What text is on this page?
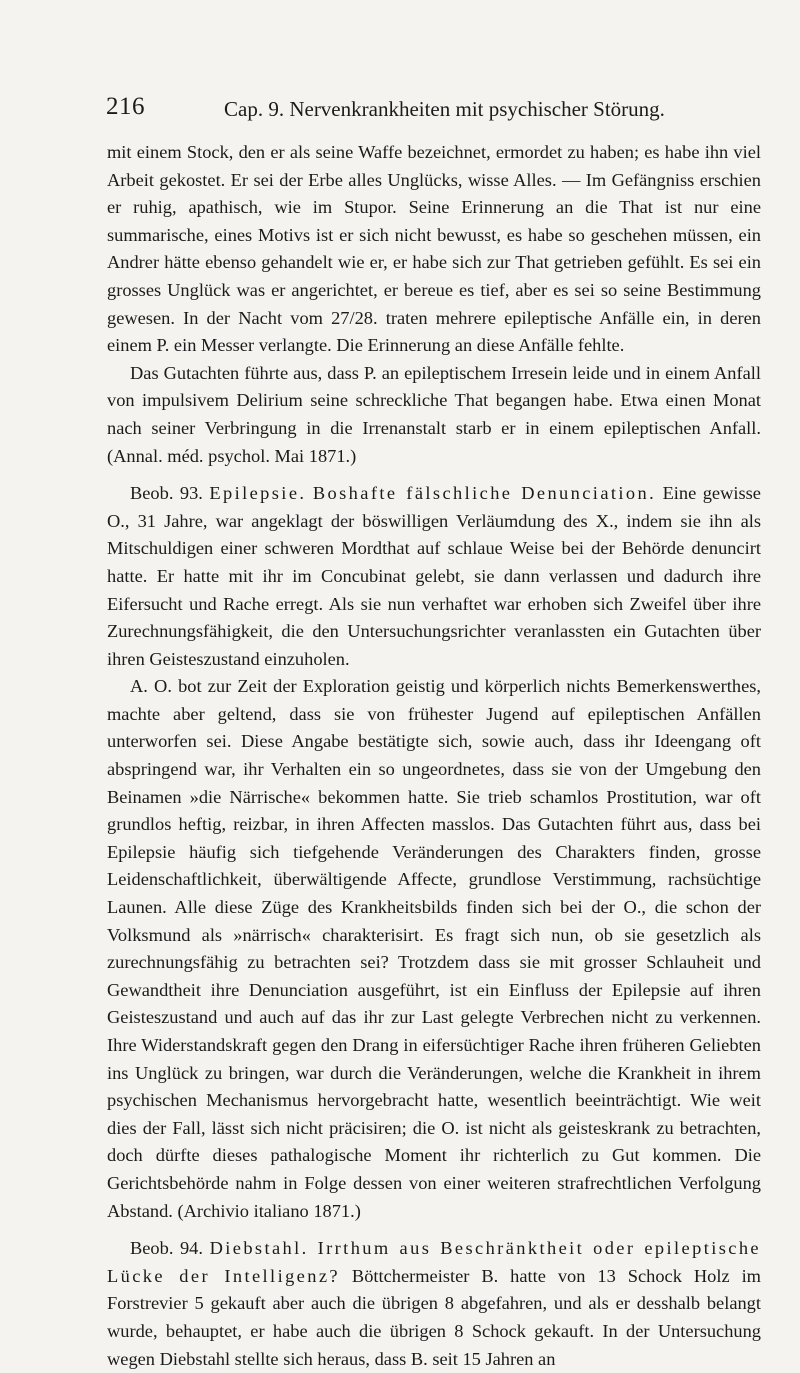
216	Cap. 9. Nervenkrankheiten mit psychischer Störung.

mit einem Stock, den er als seine Waffe bezeichnet, ermordet zu haben; es habe ihn viel Arbeit gekostet. Er sei der Erbe alles Unglücks, wisse Alles. — Im Gefängniss erschien er ruhig, apathisch, wie im Stupor. Seine Erinnerung an die That ist nur eine summarische, eines Motivs ist er sich nicht bewusst, es habe so geschehen müssen, ein Andrer hätte ebenso gehandelt wie er, er habe sich zur That getrieben gefühlt. Es sei ein grosses Unglück was er angerichtet, er bereue es tief, aber es sei so seine Bestimmung gewesen. In der Nacht vom 27/28. traten mehrere epileptische Anfälle ein, in deren einem P. ein Messer verlangte. Die Erinnerung an diese Anfälle fehlte.

Das Gutachten führte aus, dass P. an epileptischem Irresein leide und in einem Anfall von impulsivem Delirium seine schreckliche That begangen habe. Etwa einen Monat nach seiner Verbringung in die Irrenanstalt starb er in einem epileptischen Anfall. (Annal. méd. psychol. Mai 1871.)

Beob. 93. Epilepsie. Boshafte fälschliche Denunciation. Eine gewisse O., 31 Jahre, war angeklagt der böswilligen Verläumdung des X., indem sie ihn als Mitschuldigen einer schweren Mordthat auf schlaue Weise bei der Behörde denuncirt hatte. Er hatte mit ihr im Concubinat gelebt, sie dann verlassen und dadurch ihre Eifersucht und Rache erregt. Als sie nun verhaftet war erhoben sich Zweifel über ihre Zurechnungsfähigkeit, die den Untersuchungsrichter veranlassten ein Gutachten über ihren Geisteszustand einzuholen.

A. O. bot zur Zeit der Exploration geistig und körperlich nichts Bemerkenswerthes, machte aber geltend, dass sie von frühester Jugend auf epileptischen Anfällen unterworfen sei. Diese Angabe bestätigte sich, sowie auch, dass ihr Ideengang oft abspringend war, ihr Verhalten ein so ungeordnetes, dass sie von der Umgebung den Beinamen »die Närrische« bekommen hatte. Sie trieb schamlos Prostitution, war oft grundlos heftig, reizbar, in ihren Affecten masslos. Das Gutachten führt aus, dass bei Epilepsie häufig sich tiefgehende Veränderungen des Charakters finden, grosse Leidenschaftlichkeit, überwältigende Affecte, grundlose Verstimmung, rachsüchtige Launen. Alle diese Züge des Krankheitsbilds finden sich bei der O., die schon der Volksmund als »närrisch« charakterisirt. Es fragt sich nun, ob sie gesetzlich als zurechnungsfähig zu betrachten sei? Trotzdem dass sie mit grosser Schlauheit und Gewandtheit ihre Denunciation ausgeführt, ist ein Einfluss der Epilepsie auf ihren Geisteszustand und auch auf das ihr zur Last gelegte Verbrechen nicht zu verkennen. Ihre Widerstandskraft gegen den Drang in eifersüchtiger Rache ihren früheren Geliebten ins Unglück zu bringen, war durch die Veränderungen, welche die Krankheit in ihrem psychischen Mechanismus hervorgebracht hatte, wesentlich beeinträchtigt. Wie weit dies der Fall, lässt sich nicht präcisiren; die O. ist nicht als geisteskrank zu betrachten, doch dürfte dieses pathalogische Moment ihr richterlich zu Gut kommen. Die Gerichtsbehörde nahm in Folge dessen von einer weiteren strafrechtlichen Verfolgung Abstand. (Archivio italiano 1871.)

Beob. 94. Diebstahl. Irrthum aus Beschränktheit oder epileptische Lücke der Intelligenz? Böttchermeister B. hatte von 13 Schock Holz im Forstrevier 5 gekauft aber auch die übrigen 8 abgefahren, und als er desshalb belangt wurde, behauptet, er habe auch die übrigen 8 Schock gekauft. In der Untersuchung wegen Diebstahl stellte sich heraus, dass B. seit 15 Jahren an
